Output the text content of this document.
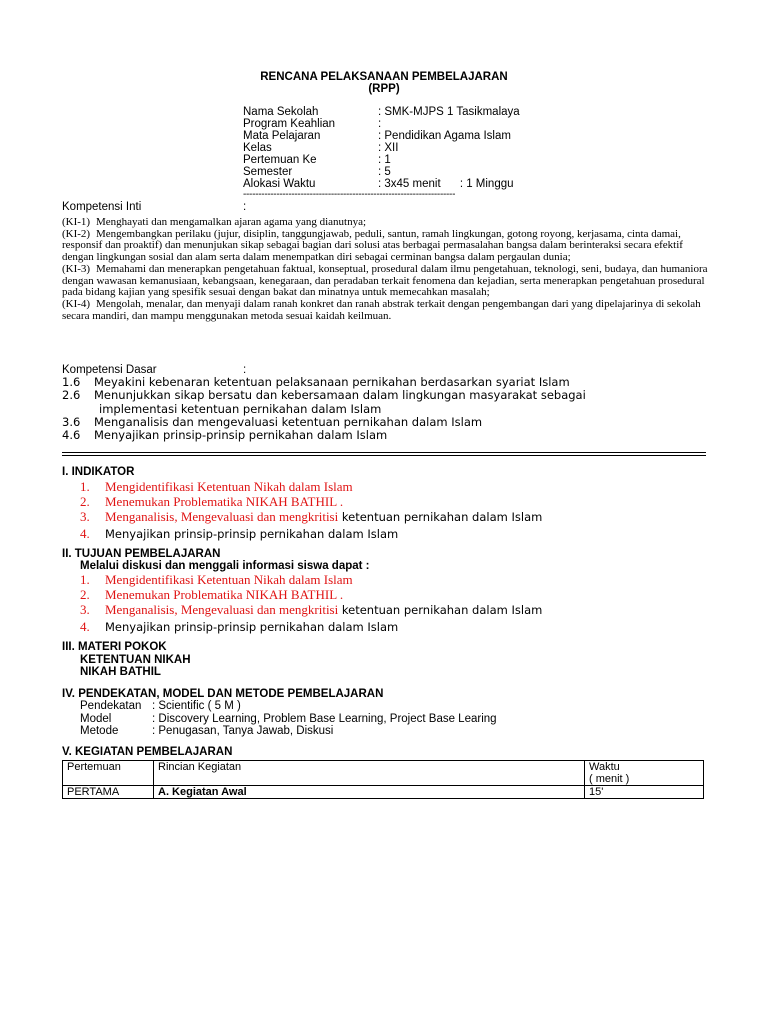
RENCANA PELAKSANAAN PEMBELAJARAN
(RPP)
Nama Sekolah	: SMK-MJPS 1 Tasikmalaya
Program Keahlian	:
Mata Pelajaran	: Pendidikan Agama Islam
Kelas	: XII
Pertemuan Ke	: 1
Semester	: 5
Alokasi Waktu	: 3x45 menit      : 1 Minggu
----------------------------------------------------------------------
Kompetensi Inti	:

(KI-1) Menghayati dan mengamalkan ajaran agama yang dianutnya;

(KI-2) Mengembangkan perilaku (jujur, disiplin, tanggungjawab, peduli, santun, ramah lingkungan, gotong royong, kerjasama, cinta damai, responsif dan proaktif) dan menunjukan sikap sebagai bagian dari solusi atas berbagai permasalahan bangsa dalam berinteraksi secara efektif dengan lingkungan sosial dan alam serta dalam menempatkan diri sebagai cerminan bangsa dalam pergaulan dunia;

(KI-3) Memahami dan menerapkan pengetahuan faktual, konseptual, prosedural dalam ilmu pengetahuan, teknologi, seni, budaya, dan humaniora dengan wawasan kemanusiaan, kebangsaan, kenegaraan, dan peradaban terkait fenomena dan kejadian, serta menerapkan pengetahuan prosedural pada bidang kajian yang spesifik sesuai dengan bakat dan minatnya untuk memecahkan masalah;

(KI-4) Mengolah, menalar, dan menyaji dalam ranah konkret dan ranah abstrak terkait dengan pengembangan dari yang dipelajarinya di sekolah secara mandiri, dan mampu menggunakan metoda sesuai kaidah keilmuan.

Kompetensi Dasar	:
1.6 Meyakini kebenaran ketentuan pelaksanaan pernikahan berdasarkan syariat Islam
2.6 Menunjukkan sikap bersatu dan kebersamaan dalam lingkungan masyarakat sebagai
implementasi ketentuan pernikahan dalam Islam
3.6 Menganalisis dan mengevaluasi ketentuan pernikahan dalam Islam
4.6 Menyajikan prinsip-prinsip pernikahan dalam Islam
I. INDIKATOR
1. Mengidentifikasi Ketentuan Nikah dalam Islam
2. Menemukan Problematika NIKAH BATHIL .
3. Menganalisis, Mengevaluasi dan mengkritisi ketentuan pernikahan dalam Islam
4. Menyajikan prinsip-prinsip pernikahan dalam Islam
II. TUJUAN PEMBELAJARAN
Melalui diskusi dan menggali informasi siswa dapat :
1. Mengidentifikasi Ketentuan Nikah dalam Islam
2. Menemukan Problematika NIKAH BATHIL .
3. Menganalisis, Mengevaluasi dan mengkritisi ketentuan pernikahan dalam Islam
4. Menyajikan prinsip-prinsip pernikahan dalam Islam
III. MATERI POKOK
KETENTUAN NIKAH
NIKAH BATHIL
IV. PENDEKATAN, MODEL DAN METODE PEMBELAJARAN
Pendekatan : Scientific ( 5 M )
Model	: Discovery Learning, Problem Base Learning, Project Base Learing
Metode	: Penugasan, Tanya Jawab, Diskusi
V. KEGIATAN PEMBELAJARAN
Pertemuan	Rincian Kegiatan	Waktu
( menit )

PERTAMA	A. Kegiatan Awal	15'
